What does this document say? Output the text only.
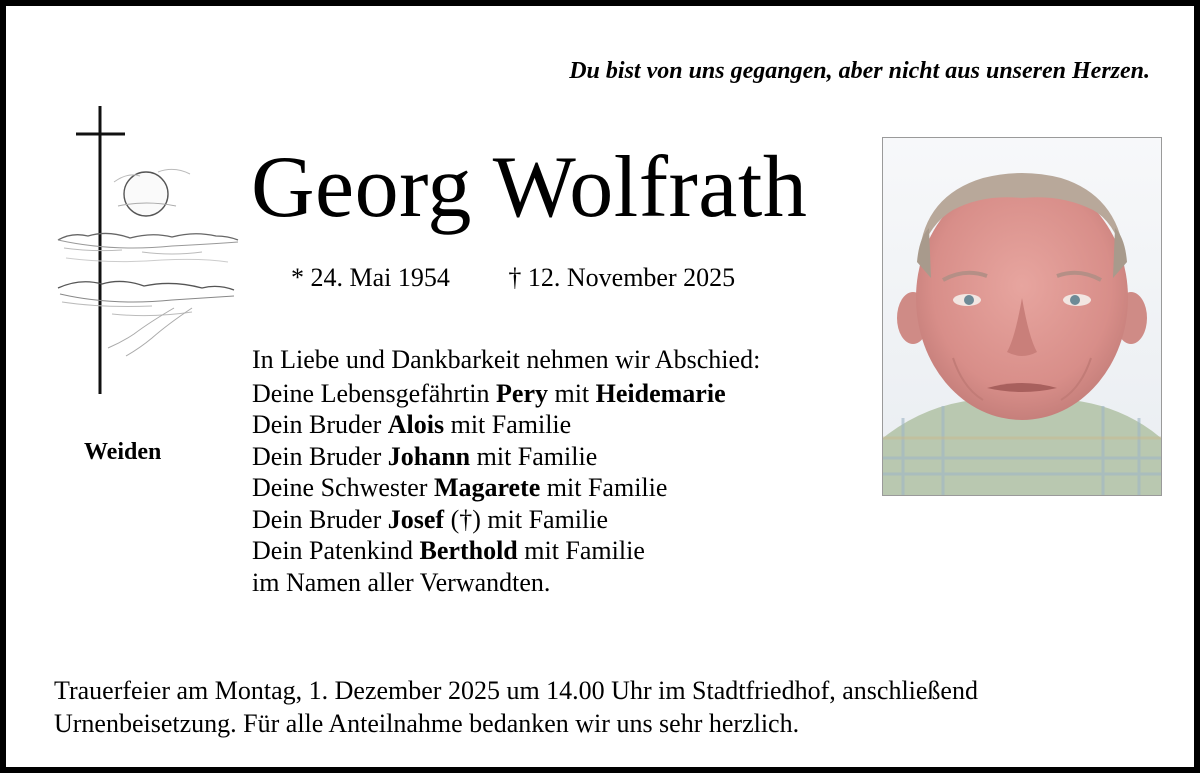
Du bist von uns gegangen, aber nicht aus unseren Herzen.
Weiden
Georg Wolfrath
* 24. Mai 1954 † 12. November 2025
In Liebe und Dankbarkeit nehmen wir Abschied:
Deine Lebensgefährtin Pery mit Heidemarie
Dein Bruder Alois mit Familie
Dein Bruder Johann mit Familie
Deine Schwester Magarete mit Familie
Dein Bruder Josef (†) mit Familie
Dein Patenkind Berthold mit Familie
im Namen aller Verwandten.
Trauerfeier am Montag, 1. Dezember 2025 um 14.00 Uhr im Stadtfriedhof, anschließend
Urnenbeisetzung. Für alle Anteilnahme bedanken wir uns sehr herzlich.
